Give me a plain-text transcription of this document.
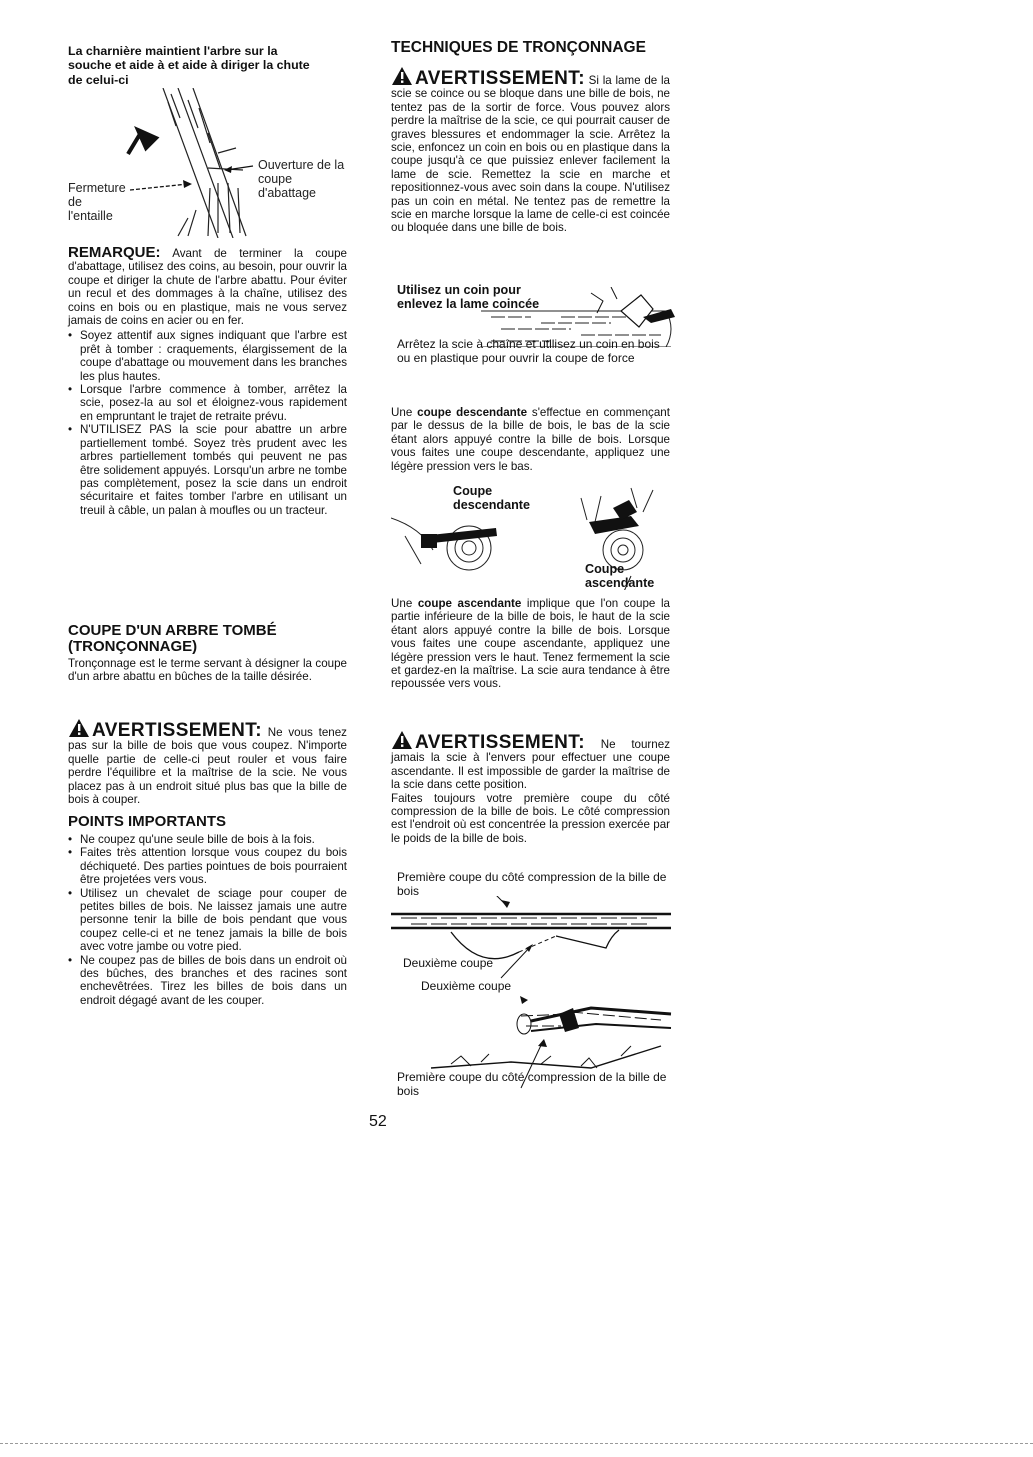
La charnière maintient l'arbre sur la souche et aide à et aide à diriger la chute de celui-ci

Fermeture de l'entaille
Ouverture de la coupe d'abattage

REMARQUE: Avant de terminer la coupe d'abattage, utilisez des coins, au besoin, pour ouvrir la coupe et diriger la chute de l'arbre abattu. Pour éviter un recul et des dommages à la chaîne, utilisez des coins en bois ou en plastique, mais ne vous servez jamais de coins en acier ou en fer.

• Soyez attentif aux signes indiquant que l'arbre est prêt à tomber : craquements, élargissement de la coupe d'abattage ou mouvement dans les branches les plus hautes.
• Lorsque l'arbre commence à tomber, arrêtez la scie, posez-la au sol et éloignez-vous rapidement en empruntant le trajet de retraite prévu.
• N'UTILISEZ PAS la scie pour abattre un arbre partiellement tombé. Soyez très prudent avec les arbres partiellement tombés qui peuvent ne pas être solidement appuyés. Lorsqu'un arbre ne tombe pas complètement, posez la scie dans un endroit sécuritaire et faites tomber l'arbre en utilisant un treuil à câble, un palan à moufles ou un tracteur.

COUPE D'UN ARBRE TOMBÉ (TRONÇONNAGE)

Tronçonnage est le terme servant à désigner la coupe d'un arbre abattu en bûches de la taille désirée.

AVERTISSEMENT: Ne vous tenez pas sur la bille de bois que vous coupez. N'importe quelle partie de celle-ci peut rouler et vous faire perdre l'équilibre et la maîtrise de la scie. Ne vous placez pas à un endroit situé plus bas que la bille de bois à couper.

POINTS IMPORTANTS

• Ne coupez qu'une seule bille de bois à la fois.
• Faites très attention lorsque vous coupez du bois déchiqueté. Des parties pointues de bois pourraient être projetées vers vous.
• Utilisez un chevalet de sciage pour couper de petites billes de bois. Ne laissez jamais une autre personne tenir la bille de bois pendant que vous coupez celle-ci et ne tenez jamais la bille de bois avec votre jambe ou votre pied.
• Ne coupez pas de billes de bois dans un endroit où des bûches, des branches et des racines sont enchevêtrées. Tirez les billes de bois dans un endroit dégagé avant de les couper.

TECHNIQUES DE TRONÇONNAGE

AVERTISSEMENT: Si la lame de la scie se coince ou se bloque dans une bille de bois, ne tentez pas de la sortir de force. Vous pouvez alors perdre la maîtrise de la scie, ce qui pourrait causer de graves blessures et endommager la scie. Arrêtez la scie, enfoncez un coin en bois ou en plastique dans la coupe jusqu'à ce que puissiez enlever facilement la lame de scie. Remettez la scie en marche et repositionnez-vous avec soin dans la coupe. N'utilisez pas un coin en métal. Ne tentez pas de remettre la scie en marche lorsque la lame de celle-ci est coincée ou bloquée dans une bille de bois.

Utilisez un coin pour enlevez la lame coincée

Arrêtez la scie à chaîne et utilisez un coin en bois ou en plastique pour ouvrir la coupe de force

Une coupe descendante s'effectue en commençant par le dessus de la bille de bois, le bas de la scie étant alors appuyé contre la bille de bois. Lorsque vous faites une coupe descendante, appliquez une légère pression vers le bas.

Coupe descendante

Coupe ascendante

Une coupe ascendante implique que l'on coupe la partie inférieure de la bille de bois, le haut de la scie étant alors appuyé contre la bille de bois. Lorsque vous faites une coupe ascendante, appliquez une légère pression vers le haut. Tenez fermement la scie et gardez-en la maîtrise. La scie aura tendance à être repoussée vers vous.

AVERTISSEMENT: Ne tournez jamais la scie à l'envers pour effectuer une coupe ascendante. Il est impossible de garder la maîtrise de la scie dans cette position.

Faites toujours votre première coupe du côté compression de la bille de bois. Le côté compression est l'endroit où est concentrée la pression exercée par le poids de la bille de bois.

Première coupe du côté compression de la bille de bois

Deuxième coupe

Deuxième coupe

Première coupe du côté compression de la bille de bois

52
